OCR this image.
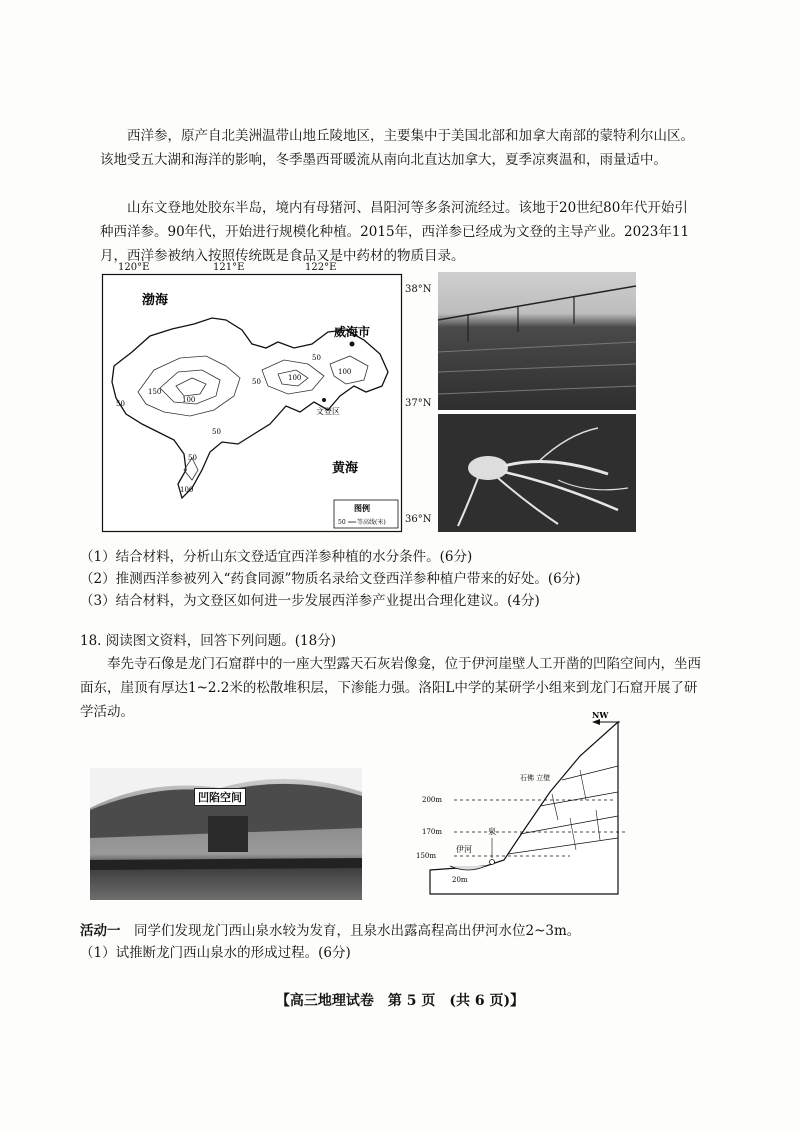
西洋参，原产自北美洲温带山地丘陵地区，主要集中于美国北部和加拿大南部的蒙特利尔山区。该地受五大湖和海洋的影响，冬季墨西哥暖流从南向北直达加拿大，夏季凉爽温和，雨量适中。

山东文登地处胶东半岛，境内有母猪河、昌阳河等多条河流经过。该地于20世纪80年代开始引种西洋参。90年代，开始进行规模化种植。2015年，西洋参已经成为文登的主导产业。2023年11月，西洋参被纳入按照传统既是食品又是中药材的物质目录。

120°E	121°E	122°E
38°N
37°N
36°N
渤海
威海市
文登区
黄海
50	100
150
50	100
50
100
50
100
50
图例
50 等高线(米)

（1）结合材料，分析山东文登适宜西洋参种植的水分条件。(6分)

（2）推测西洋参被列入“药食同源”物质名录给文登西洋参种植户带来的好处。(6分)

（3）结合材料，为文登区如何进一步发展西洋参产业提出合理化建议。(4分)

18. 阅读图文资料，回答下列问题。(18分)

奉先寺石像是龙门石窟群中的一座大型露天石灰岩像龛，位于伊河崖壁人工开凿的凹陷空间内，坐西面东，崖顶有厚达1~2.2米的松散堆积层，下渗能力强。洛阳L中学的某研学小组来到龙门石窟开展了研学活动。

凹陷空间
NW
200m
170m
150m
20m
泉
伊河
石佛 立壁

活动一　 同学们发现龙门西山泉水较为发育，且泉水出露高程高出伊河水位2~3m。

（1）试推断龙门西山泉水的形成过程。(6分)

【高三地理试卷　第 5 页　(共 6 页)】
